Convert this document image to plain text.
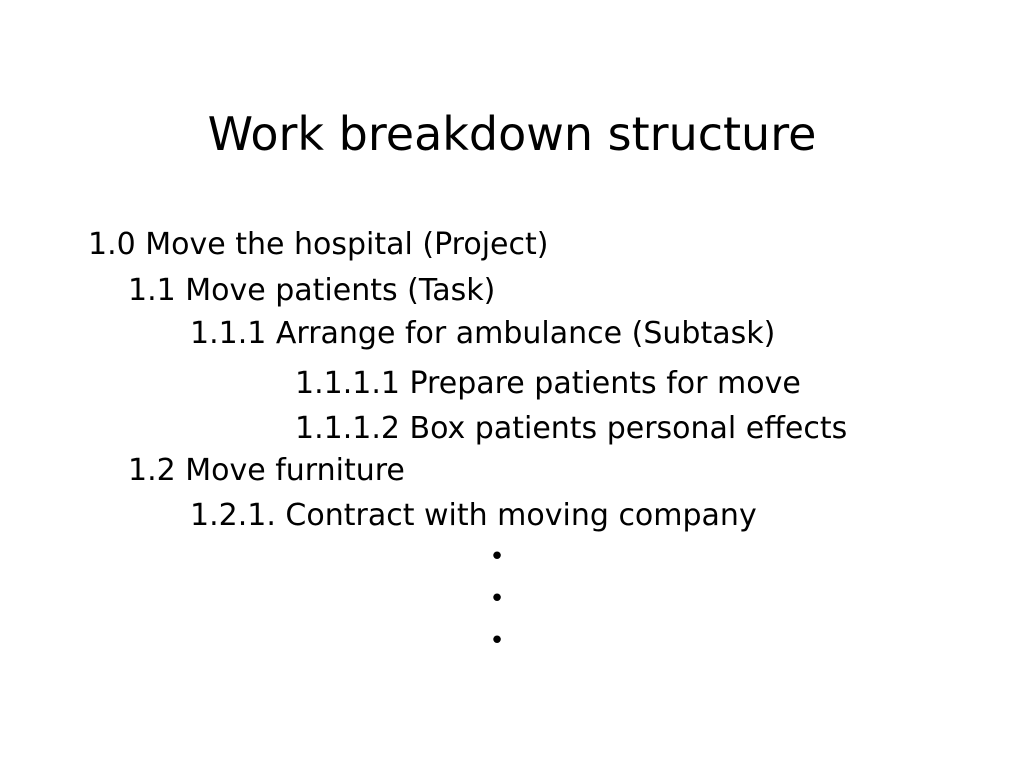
Work breakdown structure
1.0 Move the hospital (Project)
1.1 Move patients (Task)
1.1.1 Arrange for ambulance (Subtask)
1.1.1.1 Prepare patients for move
1.1.1.2 Box patients personal effects
1.2 Move furniture
1.2.1. Contract with moving company
•
•
•
